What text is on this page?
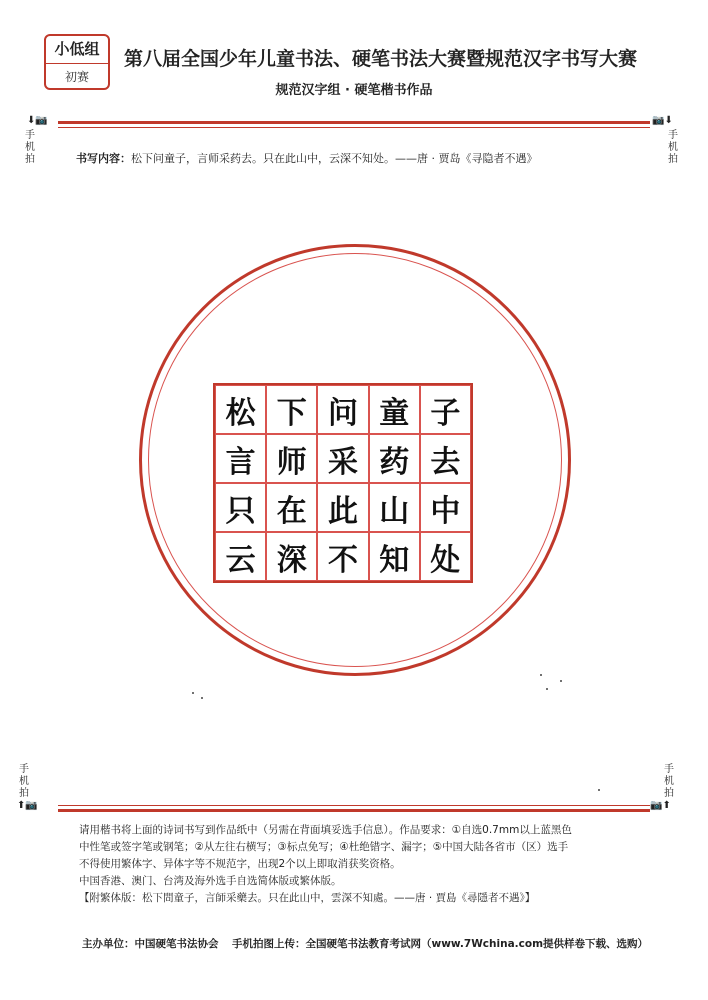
小低组
初赛
第八届全国少年儿童书法、硬笔书法大赛暨规范汉字书写大赛
规范汉字组 · 硬笔楷书作品
⬇📷
手
机
拍
📷⬇
手
机
拍
书写内容：松下问童子，言师采药去。只在此山中，云深不知处。——唐 · 贾岛《寻隐者不遇》
松 下 问 童 子
言 师 采 药 去
只 在 此 山 中
云 深 不 知 处
手
机
拍
⬆📷
手
机
拍
📷⬆
请用楷书将上面的诗词书写到作品纸中（另需在背面填妥选手信息）。作品要求：①自选0.7mm以上蓝黑色
中性笔或签字笔或钢笔；②从左往右横写；③标点免写；④杜绝错字、漏字；⑤中国大陆各省市（区）选手
不得使用繁体字、异体字等不规范字，出现2个以上即取消获奖资格。
中国香港、澳门、台湾及海外选手自选简体版或繁体版。
【附繁体版：松下問童子，言師采藥去。只在此山中，雲深不知處。——唐 · 賈島《尋隱者不遇》】
主办单位：中国硬笔书法协会 手机拍图上传：全国硬笔书法教育考试网（www.7Wchina.com提供样卷下载、选购）
